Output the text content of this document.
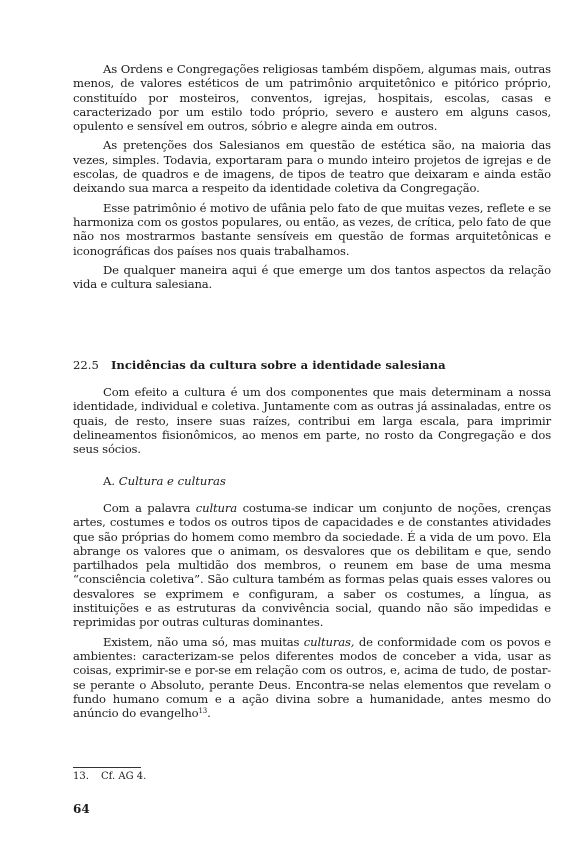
As Ordens e Congregações religiosas também dispõem, algumas mais, outras menos, de valores estéticos de um patrimônio arquitetônico e pitórico próprio, constituído por mosteiros, conventos, igrejas, hospitais, escolas, casas e caracterizado por um estilo todo próprio, severo e austero em alguns casos, opulento e sensível em outros, sóbrio e alegre ainda em outros.

As pretenções dos Salesianos em questão de estética são, na maioria das vezes, simples. Todavia, exportaram para o mundo inteiro projetos de igrejas e de escolas, de quadros e de imagens, de tipos de teatro que deixaram e ainda estão deixando sua marca a respeito da identidade coletiva da Congregação.

Esse patrimônio é motivo de ufânia pelo fato de que muitas vezes, reflete e se harmoniza com os gostos populares, ou então, as vezes, de crítica, pelo fato de que não nos mostrarmos bastante sensíveis em questão de formas arquitetônicas e iconográficas dos países nos quais trabalhamos.

De qualquer maneira aqui é que emerge um dos tantos aspectos da relação vida e cultura salesiana.

22.5 Incidências da cultura sobre a identidade salesiana

Com efeito a cultura é um dos componentes que mais determinam a nossa identidade, individual e coletiva. Juntamente com as outras já assinaladas, entre os quais, de resto, insere suas raízes, contribui em larga escala, para imprimir delineamentos fisionômicos, ao menos em parte, no rosto da Congregação e dos seus sócios.

A. Cultura e culturas

Com a palavra cultura costuma-se indicar um conjunto de noções, crenças artes, costumes e todos os outros tipos de capacidades e de constantes atividades que são próprias do homem como membro da sociedade. É a vida de um povo. Ela abrange os valores que o animam, os desvalores que os debilitam e que, sendo partilhados pela multidão dos membros, o reunem em base de uma mesma “consciência coletiva”. São cultura também as formas pelas quais esses valores ou desvalores se exprimem e configuram, a saber os costumes, a língua, as instituições e as estruturas da convivência social, quando não são impedidas e reprimidas por outras culturas dominantes.

Existem, não uma só, mas muitas culturas, de conformidade com os povos e ambientes: caracterizam-se pelos diferentes modos de conceber a vida, usar as coisas, exprimir-se e por-se em relação com os outros, e, acima de tudo, de postar-se perante o Absoluto, perante Deus. Encontra-se nelas elementos que revelam o fundo humano comum e a ação divina sobre a humanidade, antes mesmo do anúncio do evangelho$^{13}$.

13. Cf. AG 4.
64
